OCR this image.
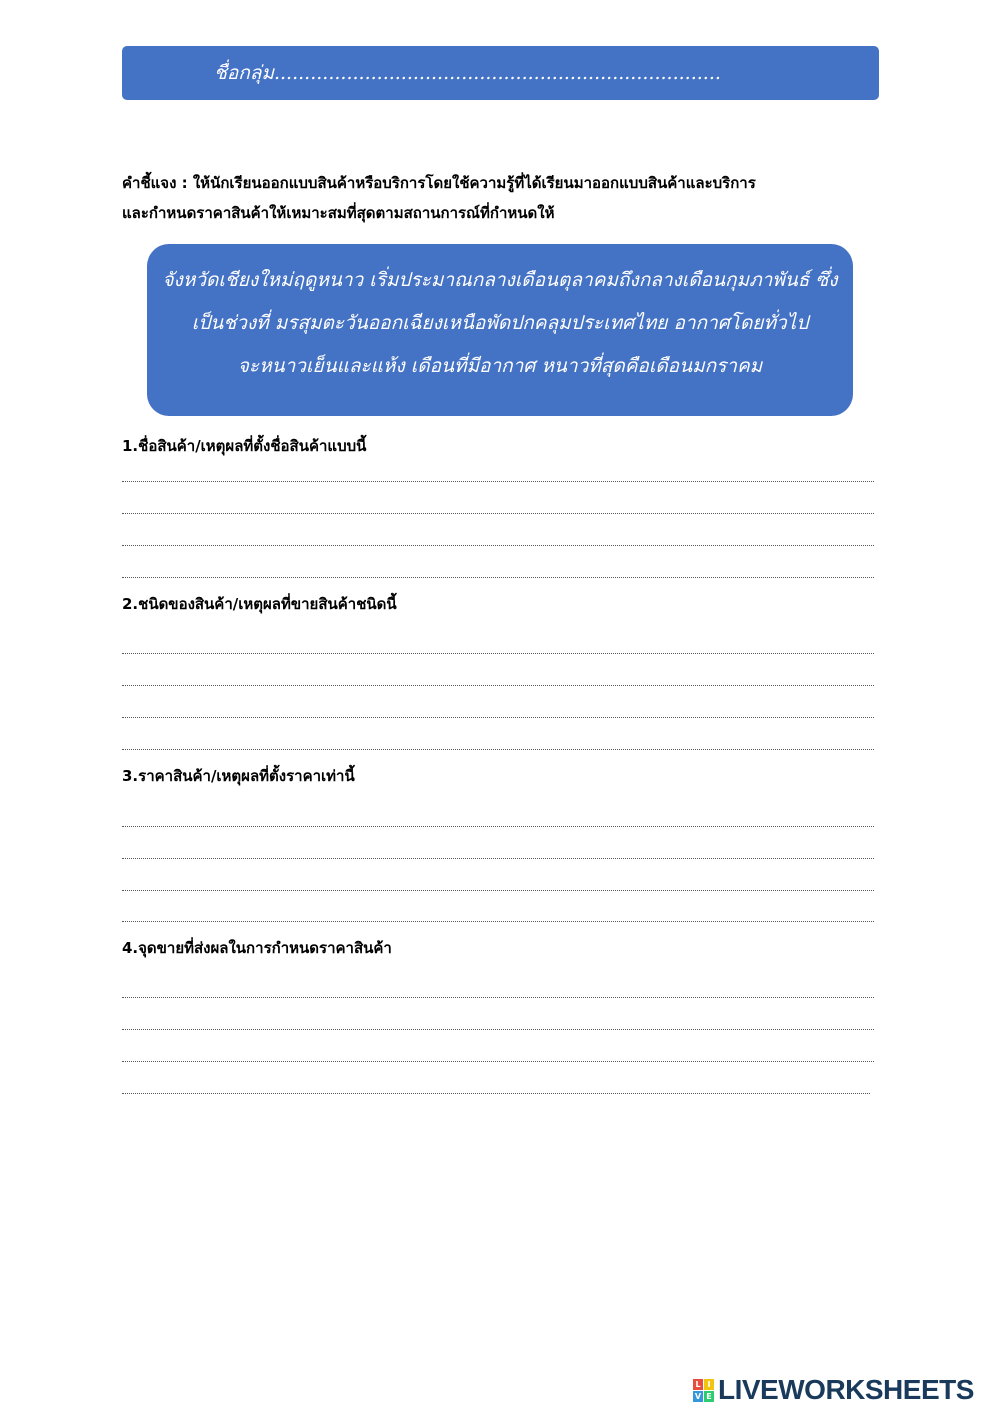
ชื่อกลุ่ม..........................................................................
คำชี้แจง : ให้นักเรียนออกแบบสินค้าหรือบริการโดยใช้ความรู้ที่ได้เรียนมาออกแบบสินค้าและบริการ
และกำหนดราคาสินค้าให้เหมาะสมที่สุดตามสถานการณ์ที่กำหนดให้
จังหวัดเชียงใหม่ฤดูหนาว เริ่มประมาณกลางเดือนตุลาคมถึงกลางเดือนกุมภาพันธ์ ซึ่ง
เป็นช่วงที่ มรสุมตะวันออกเฉียงเหนือพัดปกคลุมประเทศไทย อากาศโดยทั่วไป
จะหนาวเย็นและแห้ง เดือนที่มีอากาศ หนาวที่สุดคือเดือนมกราคม
1.ชื่อสินค้า/เหตุผลที่ตั้งชื่อสินค้าแบบนี้
2.ชนิดของสินค้า/เหตุผลที่ขายสินค้าชนิดนี้
3.ราคาสินค้า/เหตุผลที่ตั้งราคาเท่านี้
4.จุดขายที่ส่งผลในการกำหนดราคาสินค้า
L I
V E LIVEWORKSHEETS
